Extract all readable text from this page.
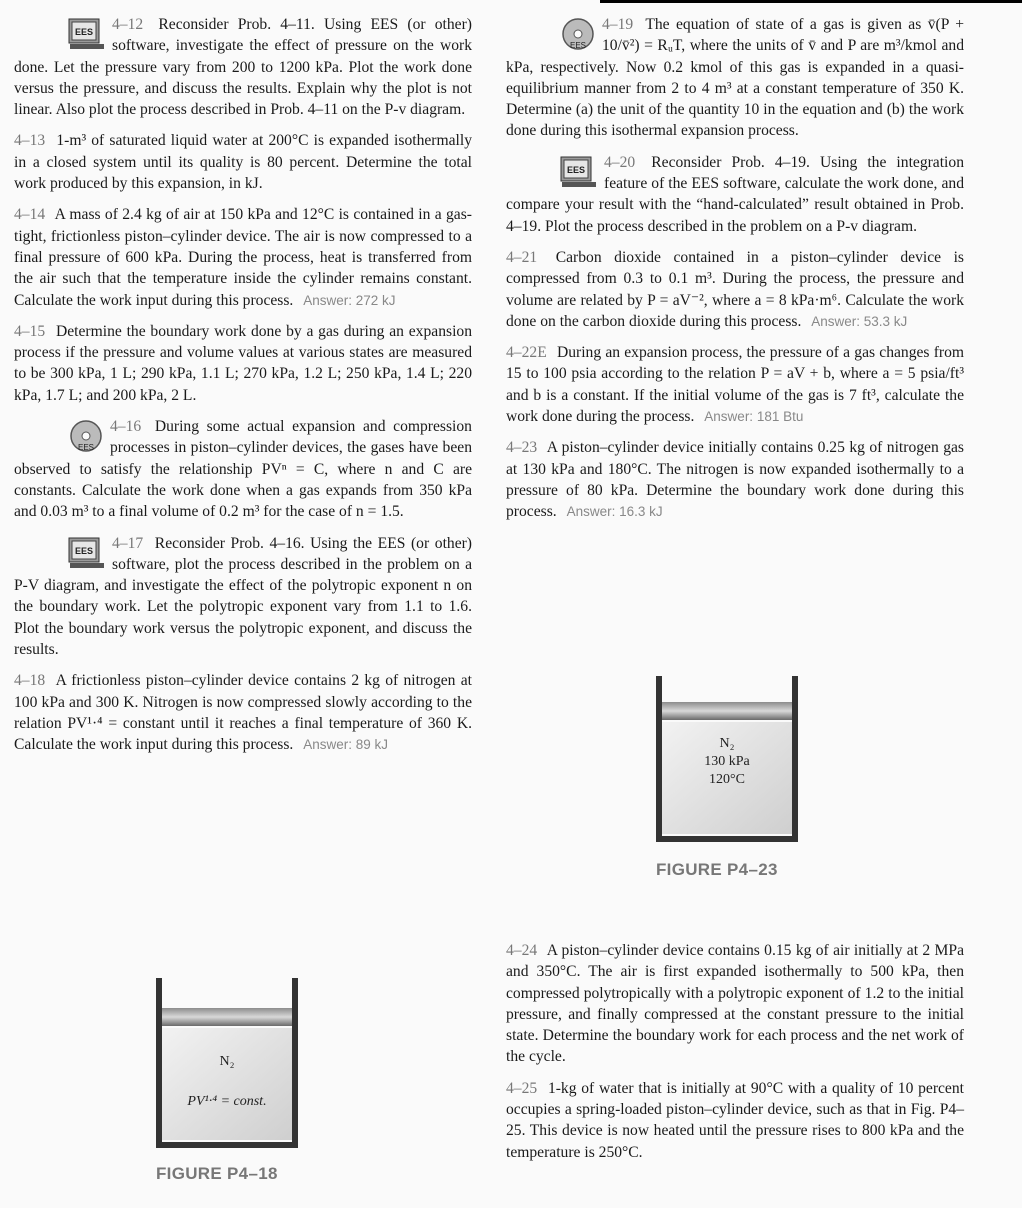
EES 4–12 Reconsider Prob. 4–11. Using EES (or other) software, investigate the effect of pressure on the work done. Let the pressure vary from 200 to 1200 kPa. Plot the work done versus the pressure, and discuss the results. Explain why the plot is not linear. Also plot the process described in Prob. 4–11 on the P-v diagram.

4–13 1-m³ of saturated liquid water at 200°C is expanded isothermally in a closed system until its quality is 80 percent. Determine the total work produced by this expansion, in kJ.

4–14 A mass of 2.4 kg of air at 150 kPa and 12°C is contained in a gas-tight, frictionless piston–cylinder device. The air is now compressed to a final pressure of 600 kPa. During the process, heat is transferred from the air such that the temperature inside the cylinder remains constant. Calculate the work input during this process. Answer: 272 kJ

4–15 Determine the boundary work done by a gas during an expansion process if the pressure and volume values at various states are measured to be 300 kPa, 1 L; 290 kPa, 1.1 L; 270 kPa, 1.2 L; 250 kPa, 1.4 L; 220 kPa, 1.7 L; and 200 kPa, 2 L.

EES
4–16 During some actual expansion and compression processes in piston–cylinder devices, the gases have been observed to satisfy the relationship PVⁿ = C, where n and C are constants. Calculate the work done when a gas expands from 350 kPa and 0.03 m³ to a final volume of 0.2 m³ for the case of n = 1.5.

EES 4–17 Reconsider Prob. 4–16. Using the EES (or other) software, plot the process described in the problem on a P-V diagram, and investigate the effect of the polytropic exponent n on the boundary work. Let the polytropic exponent vary from 1.1 to 1.6. Plot the boundary work versus the polytropic exponent, and discuss the results.

4–18 A frictionless piston–cylinder device contains 2 kg of nitrogen at 100 kPa and 300 K. Nitrogen is now compressed slowly according to the relation PV¹·⁴ = constant until it reaches a final temperature of 360 K. Calculate the work input during this process. Answer: 89 kJ

EES
4–19 The equation of state of a gas is given as v̄(P + 10/v̄²) = RᵤT, where the units of v̄ and P are m³/kmol and kPa, respectively. Now 0.2 kmol of this gas is expanded in a quasi-equilibrium manner from 2 to 4 m³ at a constant temperature of 350 K. Determine (a) the unit of the quantity 10 in the equation and (b) the work done during this isothermal expansion process.

EES 4–20 Reconsider Prob. 4–19. Using the integration feature of the EES software, calculate the work done, and compare your result with the “hand-calculated” result obtained in Prob. 4–19. Plot the process described in the problem on a P-v diagram.

4–21 Carbon dioxide contained in a piston–cylinder device is compressed from 0.3 to 0.1 m³. During the process, the pressure and volume are related by P = aV⁻², where a = 8 kPa·m⁶. Calculate the work done on the carbon dioxide during this process. Answer: 53.3 kJ

4–22E During an expansion process, the pressure of a gas changes from 15 to 100 psia according to the relation P = aV + b, where a = 5 psia/ft³ and b is a constant. If the initial volume of the gas is 7 ft³, calculate the work done during the process. Answer: 181 Btu

4–23 A piston–cylinder device initially contains 0.25 kg of nitrogen gas at 130 kPa and 180°C. The nitrogen is now expanded isothermally to a pressure of 80 kPa. Determine the boundary work done during this process. Answer: 16.3 kJ

N₂
130 kPa
120°C
FIGURE P4–23

4–24 A piston–cylinder device contains 0.15 kg of air initially at 2 MPa and 350°C. The air is first expanded isothermally to 500 kPa, then compressed polytropically with a polytropic exponent of 1.2 to the initial pressure, and finally compressed at the constant pressure to the initial state. Determine the boundary work for each process and the net work of the cycle.

4–25 1-kg of water that is initially at 90°C with a quality of 10 percent occupies a spring-loaded piston–cylinder device, such as that in Fig. P4–25. This device is now heated until the pressure rises to 800 kPa and the temperature is 250°C.

N₂
PV¹·⁴ = const.
FIGURE P4–18
